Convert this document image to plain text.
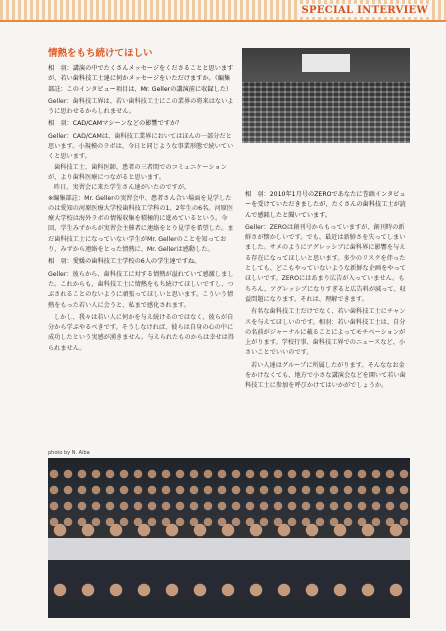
SPECIAL INTERVIEW

情熱をもち続けてほしい

相　羽：講演の中でたくさんメッセージをくださることと思いますが、若い歯科技工士達に何かメッセージをいただけますか。（編集部註：このインタビュー項目は、Mr. Gellerの講演前に収録した）

Geller：歯科技工界は、若い歯科技工士にこの業界の将来はないように思わせるからしれません。

相　羽：CAD/CAMマシーンなどの影響ですか？

Geller：CAD/CAMは、歯科技工業界においてはほんの一部分だと思います。小規模のラボは、今日と同じような事業形態で続いていくと思います。

歯科技工士、歯科医師、患者の三者間でのコミュニケーションが、より歯科医療につながると思います。

昨日、実習会に来た学生さん達がいたのですが。

※編集部註：Mr. Gellerの実習会中、患者さん合い場面を見学したのは愛知の河原医療大学校歯科技工学科の1、2年生の6名。河原医療大学校は海外ラボの情報収集を積極的に進めているという。今回、学生みずからが実習会主催者に連絡をとり見学を希望した。まだ歯科技工士になっていない学生がMr. Gellerのことを知っており、みずから連絡をとった情熱に、Mr. Gellerは感動した。

相　羽：愛媛の歯科技工士学校の6人の学生達ですね。

Geller：彼らから、歯科技工に対する情熱が溢れていて感激しました。これからも、歯科技工士に情熱をもち続けてほしいですし、つぶされることのないように頑張ってほしいと思います。こういう情熱をもった若い人に会うと、私まで感化されます。

しかし、我々は若い人に何かを与え続けるのではなく、彼らが自分から学ぶやるべきです。そうしなければ、彼らは自身の心の中に成功したという実感が湧きません。与えられたものからは幸せは得られません。

相　羽：2010年1月号のZEROであなたに巻頭インタビューを受けていただきましたが、たくさんの歯科技工士が読んで感銘したと聞いています。

Geller：ZEROは創刊号からもっていますが、創刊時の新鮮さが懐かしいです。でも、最近は新鮮さを失ってしまいました。サメのようにアグレッシブに歯科界に影響を与える存在になってほしいと思います。多少のリスクを伴ったとしても、どこもやっていないような新鮮な企画をやってほしいです。ZEROにはあまり広告が入っていません。もちろん、アグレッシブになりすぎると広告料が減って、収益問題になります。それは、理解できます。

有名な歯科技工士だけでなく、若い歯科技工士にチャンスを与えてほしいのです。相羽：若い歯科技工士は、自分の名前がジャーナルに載ることによってモチベーションが上がります。学校行事、歯科技工界でのニュースなど、小さいことでいいのです。

若い人達はグループに所属したがります。そんななお金をかけなくても、地方で小さな講演会などを開いて若い歯科技工士に参加を呼びかけてはいかがでしょうか。

photo by N. Aiba
